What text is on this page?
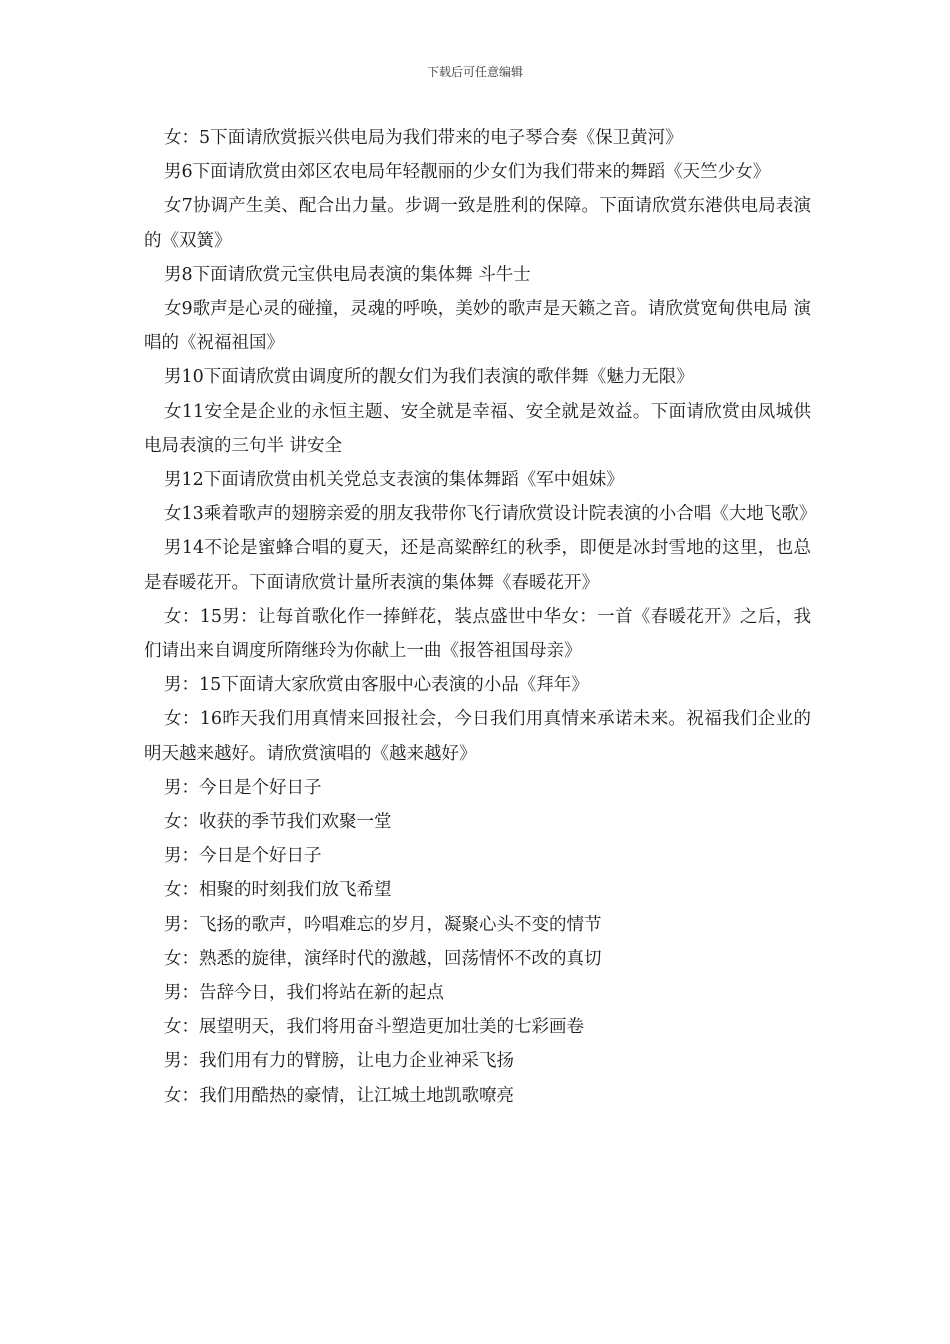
下载后可任意编辑

女：5下面请欣赏振兴供电局为我们带来的电子琴合奏《保卫黄河》

男6下面请欣赏由郊区农电局年轻靓丽的少女们为我们带来的舞蹈《天竺少女》

女7协调产生美、配合出力量。步调一致是胜利的保障。下面请欣赏东港供电局表演的《双簧》

男8下面请欣赏元宝供电局表演的集体舞 斗牛士

女9歌声是心灵的碰撞，灵魂的呼唤，美妙的歌声是天籁之音。请欣赏宽甸供电局 演唱的《祝福祖国》

男10下面请欣赏由调度所的靓女们为我们表演的歌伴舞《魅力无限》

女11安全是企业的永恒主题、安全就是幸福、安全就是效益。下面请欣赏由凤城供电局表演的三句半 讲安全

男12下面请欣赏由机关党总支表演的集体舞蹈《军中姐妹》

女13乘着歌声的翅膀亲爱的朋友我带你飞行请欣赏设计院表演的小合唱《大地飞歌》

男14不论是蜜蜂合唱的夏天，还是高粱醉红的秋季，即便是冰封雪地的这里，也总是春暖花开。下面请欣赏计量所表演的集体舞《春暖花开》

女：15男：让每首歌化作一捧鲜花，装点盛世中华女：一首《春暖花开》之后，我们请出来自调度所隋继玲为你献上一曲《报答祖国母亲》

男：15下面请大家欣赏由客服中心表演的小品《拜年》

女：16昨天我们用真情来回报社会，今日我们用真情来承诺未来。祝福我们企业的明天越来越好。请欣赏演唱的《越来越好》

男：今日是个好日子

女：收获的季节我们欢聚一堂

男：今日是个好日子

女：相聚的时刻我们放飞希望

男：飞扬的歌声，吟唱难忘的岁月，凝聚心头不变的情节

女：熟悉的旋律，演绎时代的激越，回荡情怀不改的真切

男：告辞今日，我们将站在新的起点

女：展望明天，我们将用奋斗塑造更加壮美的七彩画卷

男：我们用有力的臂膀，让电力企业神采飞扬

女：我们用酷热的豪情，让江城土地凯歌嘹亮
